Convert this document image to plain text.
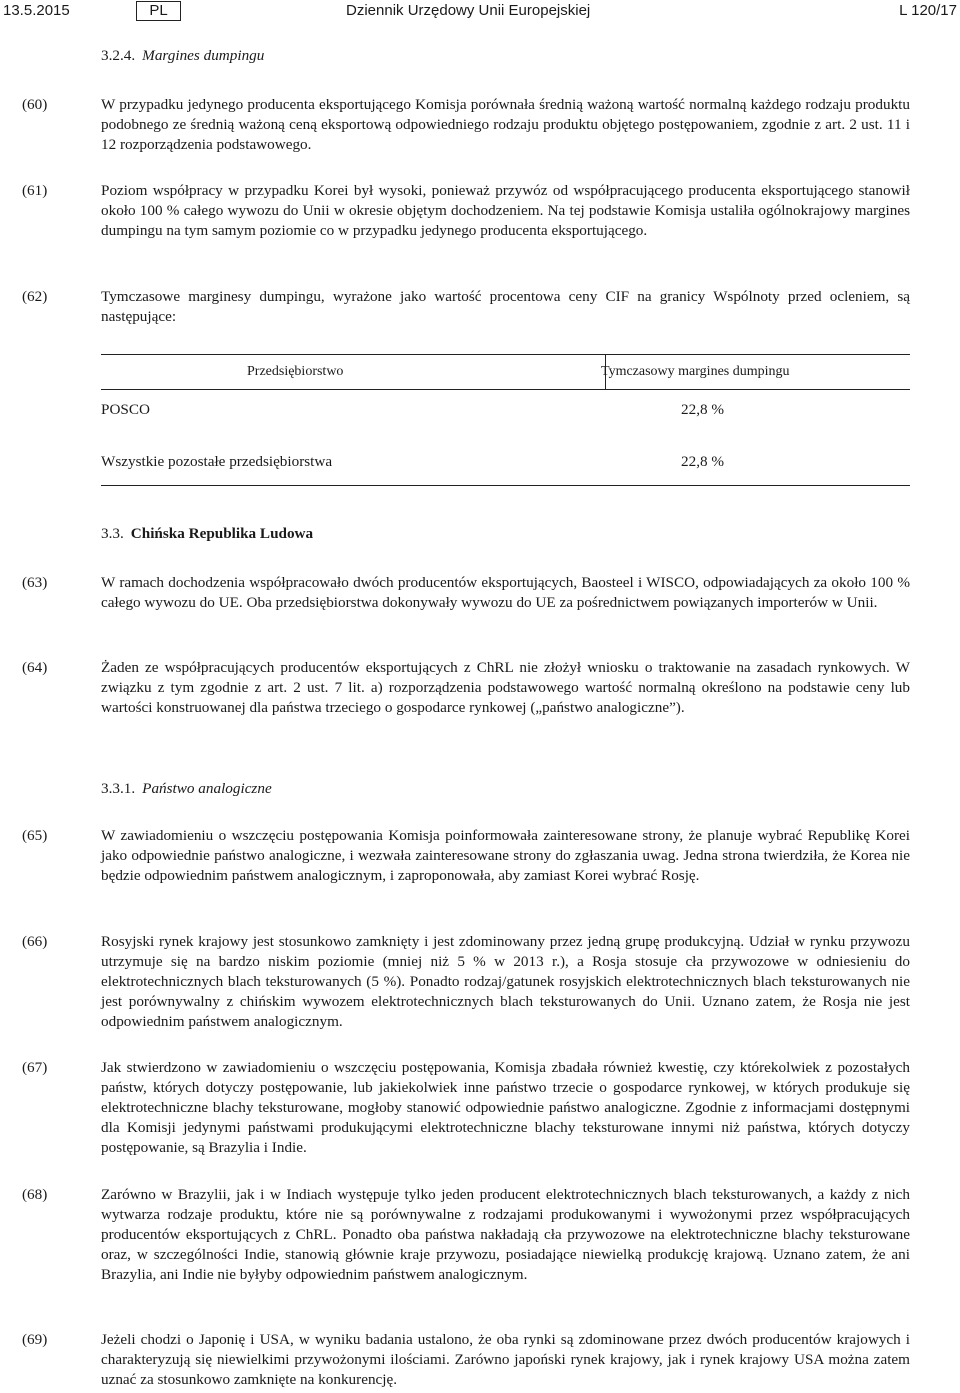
13.5.2015	PL	Dziennik Urzędowy Unii Europejskiej	L 120/17
3.2.4. Margines dumpingu
(60)	W przypadku jedynego producenta eksportującego Komisja porównała średnią ważoną wartość normalną każdego rodzaju produktu podobnego ze średnią ważoną ceną eksportową odpowiedniego rodzaju produktu objętego postępowaniem, zgodnie z art. 2 ust. 11 i 12 rozporządzenia podstawowego.
(61)	Poziom współpracy w przypadku Korei był wysoki, ponieważ przywóz od współpracującego producenta eksportującego stanowił około 100 % całego wywozu do Unii w okresie objętym dochodzeniem. Na tej podstawie Komisja ustaliła ogólnokrajowy margines dumpingu na tym samym poziomie co w przypadku jedynego producenta eksportującego.
(62)	Tymczasowe marginesy dumpingu, wyrażone jako wartość procentowa ceny CIF na granicy Wspólnoty przed ocleniem, są następujące:
Przedsiębiorstwo	Tymczasowy margines dumpingu
POSCO	22,8 %
Wszystkie pozostałe przedsiębiorstwa	22,8 %
3.3. Chińska Republika Ludowa
(63)	W ramach dochodzenia współpracowało dwóch producentów eksportujących, Baosteel i WISCO, odpowiadających za około 100 % całego wywozu do UE. Oba przedsiębiorstwa dokonywały wywozu do UE za pośrednictwem powiązanych importerów w Unii.
(64)	Żaden ze współpracujących producentów eksportujących z ChRL nie złożył wniosku o traktowanie na zasadach rynkowych. W związku z tym zgodnie z art. 2 ust. 7 lit. a) rozporządzenia podstawowego wartość normalną określono na podstawie ceny lub wartości konstruowanej dla państwa trzeciego o gospodarce rynkowej („państwo analogiczne”).
3.3.1. Państwo analogiczne
(65)	W zawiadomieniu o wszczęciu postępowania Komisja poinformowała zainteresowane strony, że planuje wybrać Republikę Korei jako odpowiednie państwo analogiczne, i wezwała zainteresowane strony do zgłaszania uwag. Jedna strona twierdziła, że Korea nie będzie odpowiednim państwem analogicznym, i zaproponowała, aby zamiast Korei wybrać Rosję.
(66)	Rosyjski rynek krajowy jest stosunkowo zamknięty i jest zdominowany przez jedną grupę produkcyjną. Udział w rynku przywozu utrzymuje się na bardzo niskim poziomie (mniej niż 5 % w 2013 r.), a Rosja stosuje cła przywozowe w odniesieniu do elektrotechnicznych blach teksturowanych (5 %). Ponadto rodzaj/gatunek rosyjskich elektrotechnicznych blach teksturowanych nie jest porównywalny z chińskim wywozem elektrotechnicznych blach teksturowanych do Unii. Uznano zatem, że Rosja nie jest odpowiednim państwem analogicznym.
(67)	Jak stwierdzono w zawiadomieniu o wszczęciu postępowania, Komisja zbadała również kwestię, czy którekolwiek z pozostałych państw, których dotyczy postępowanie, lub jakiekolwiek inne państwo trzecie o gospodarce rynkowej, w których produkuje się elektrotechniczne blachy teksturowane, mogłoby stanowić odpowiednie państwo analogiczne. Zgodnie z informacjami dostępnymi dla Komisji jedynymi państwami produkującymi elektrotechniczne blachy teksturowane innymi niż państwa, których dotyczy postępowanie, są Brazylia i Indie.
(68)	Zarówno w Brazylii, jak i w Indiach występuje tylko jeden producent elektrotechnicznych blach teksturowanych, a każdy z nich wytwarza rodzaje produktu, które nie są porównywalne z rodzajami produkowanymi i wywożonymi przez współpracujących producentów eksportujących z ChRL. Ponadto oba państwa nakładają cła przywozowe na elektrotechniczne blachy teksturowane oraz, w szczególności Indie, stanowią głównie kraje przywozu, posiadające niewielką produkcję krajową. Uznano zatem, że ani Brazylia, ani Indie nie byłyby odpowiednim państwem analogicznym.
(69)	Jeżeli chodzi o Japonię i USA, w wyniku badania ustalono, że oba rynki są zdominowane przez dwóch producentów krajowych i charakteryzują się niewielkimi przywożonymi ilościami. Zarówno japoński rynek krajowy, jak i rynek krajowy USA można zatem uznać za stosunkowo zamknięte na konkurencję.
